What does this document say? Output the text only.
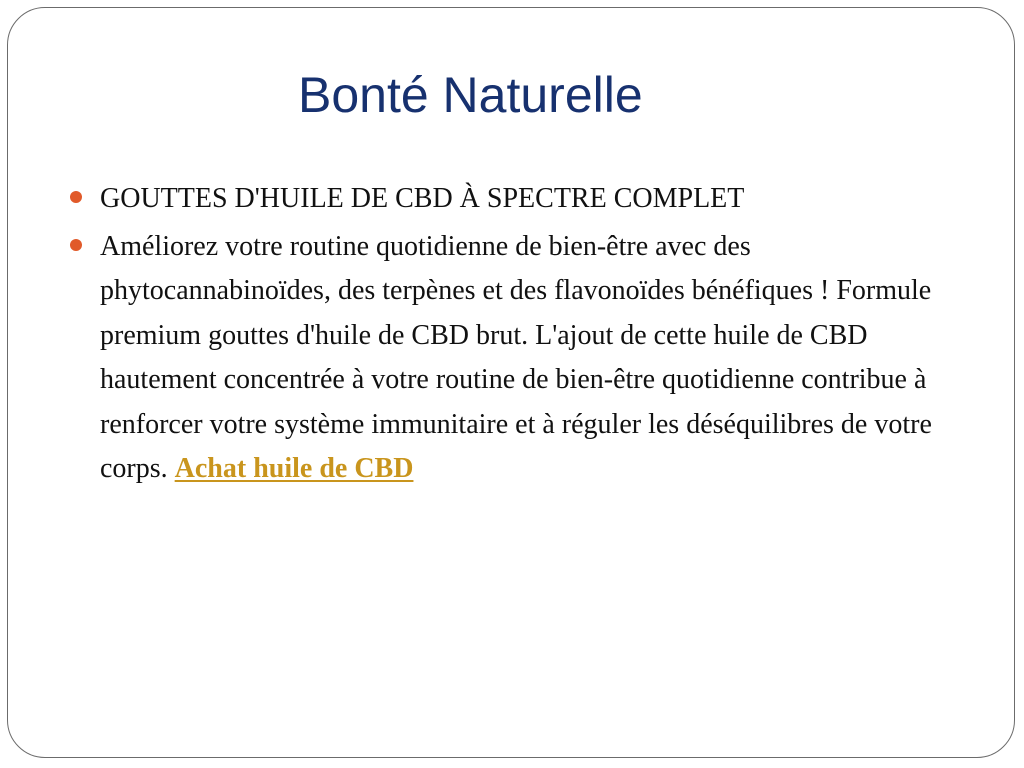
Bonté Naturelle
GOUTTES D'HUILE DE CBD À SPECTRE COMPLET
Améliorez votre routine quotidienne de bien-être avec des phytocannabinoïdes, des terpènes et des flavonoïdes bénéfiques ! Formule premium gouttes d'huile de CBD brut. L'ajout de cette huile de CBD hautement concentrée à votre routine de bien-être quotidienne contribue à renforcer votre système immunitaire et à réguler les déséquilibres de votre corps. Achat huile de CBD
